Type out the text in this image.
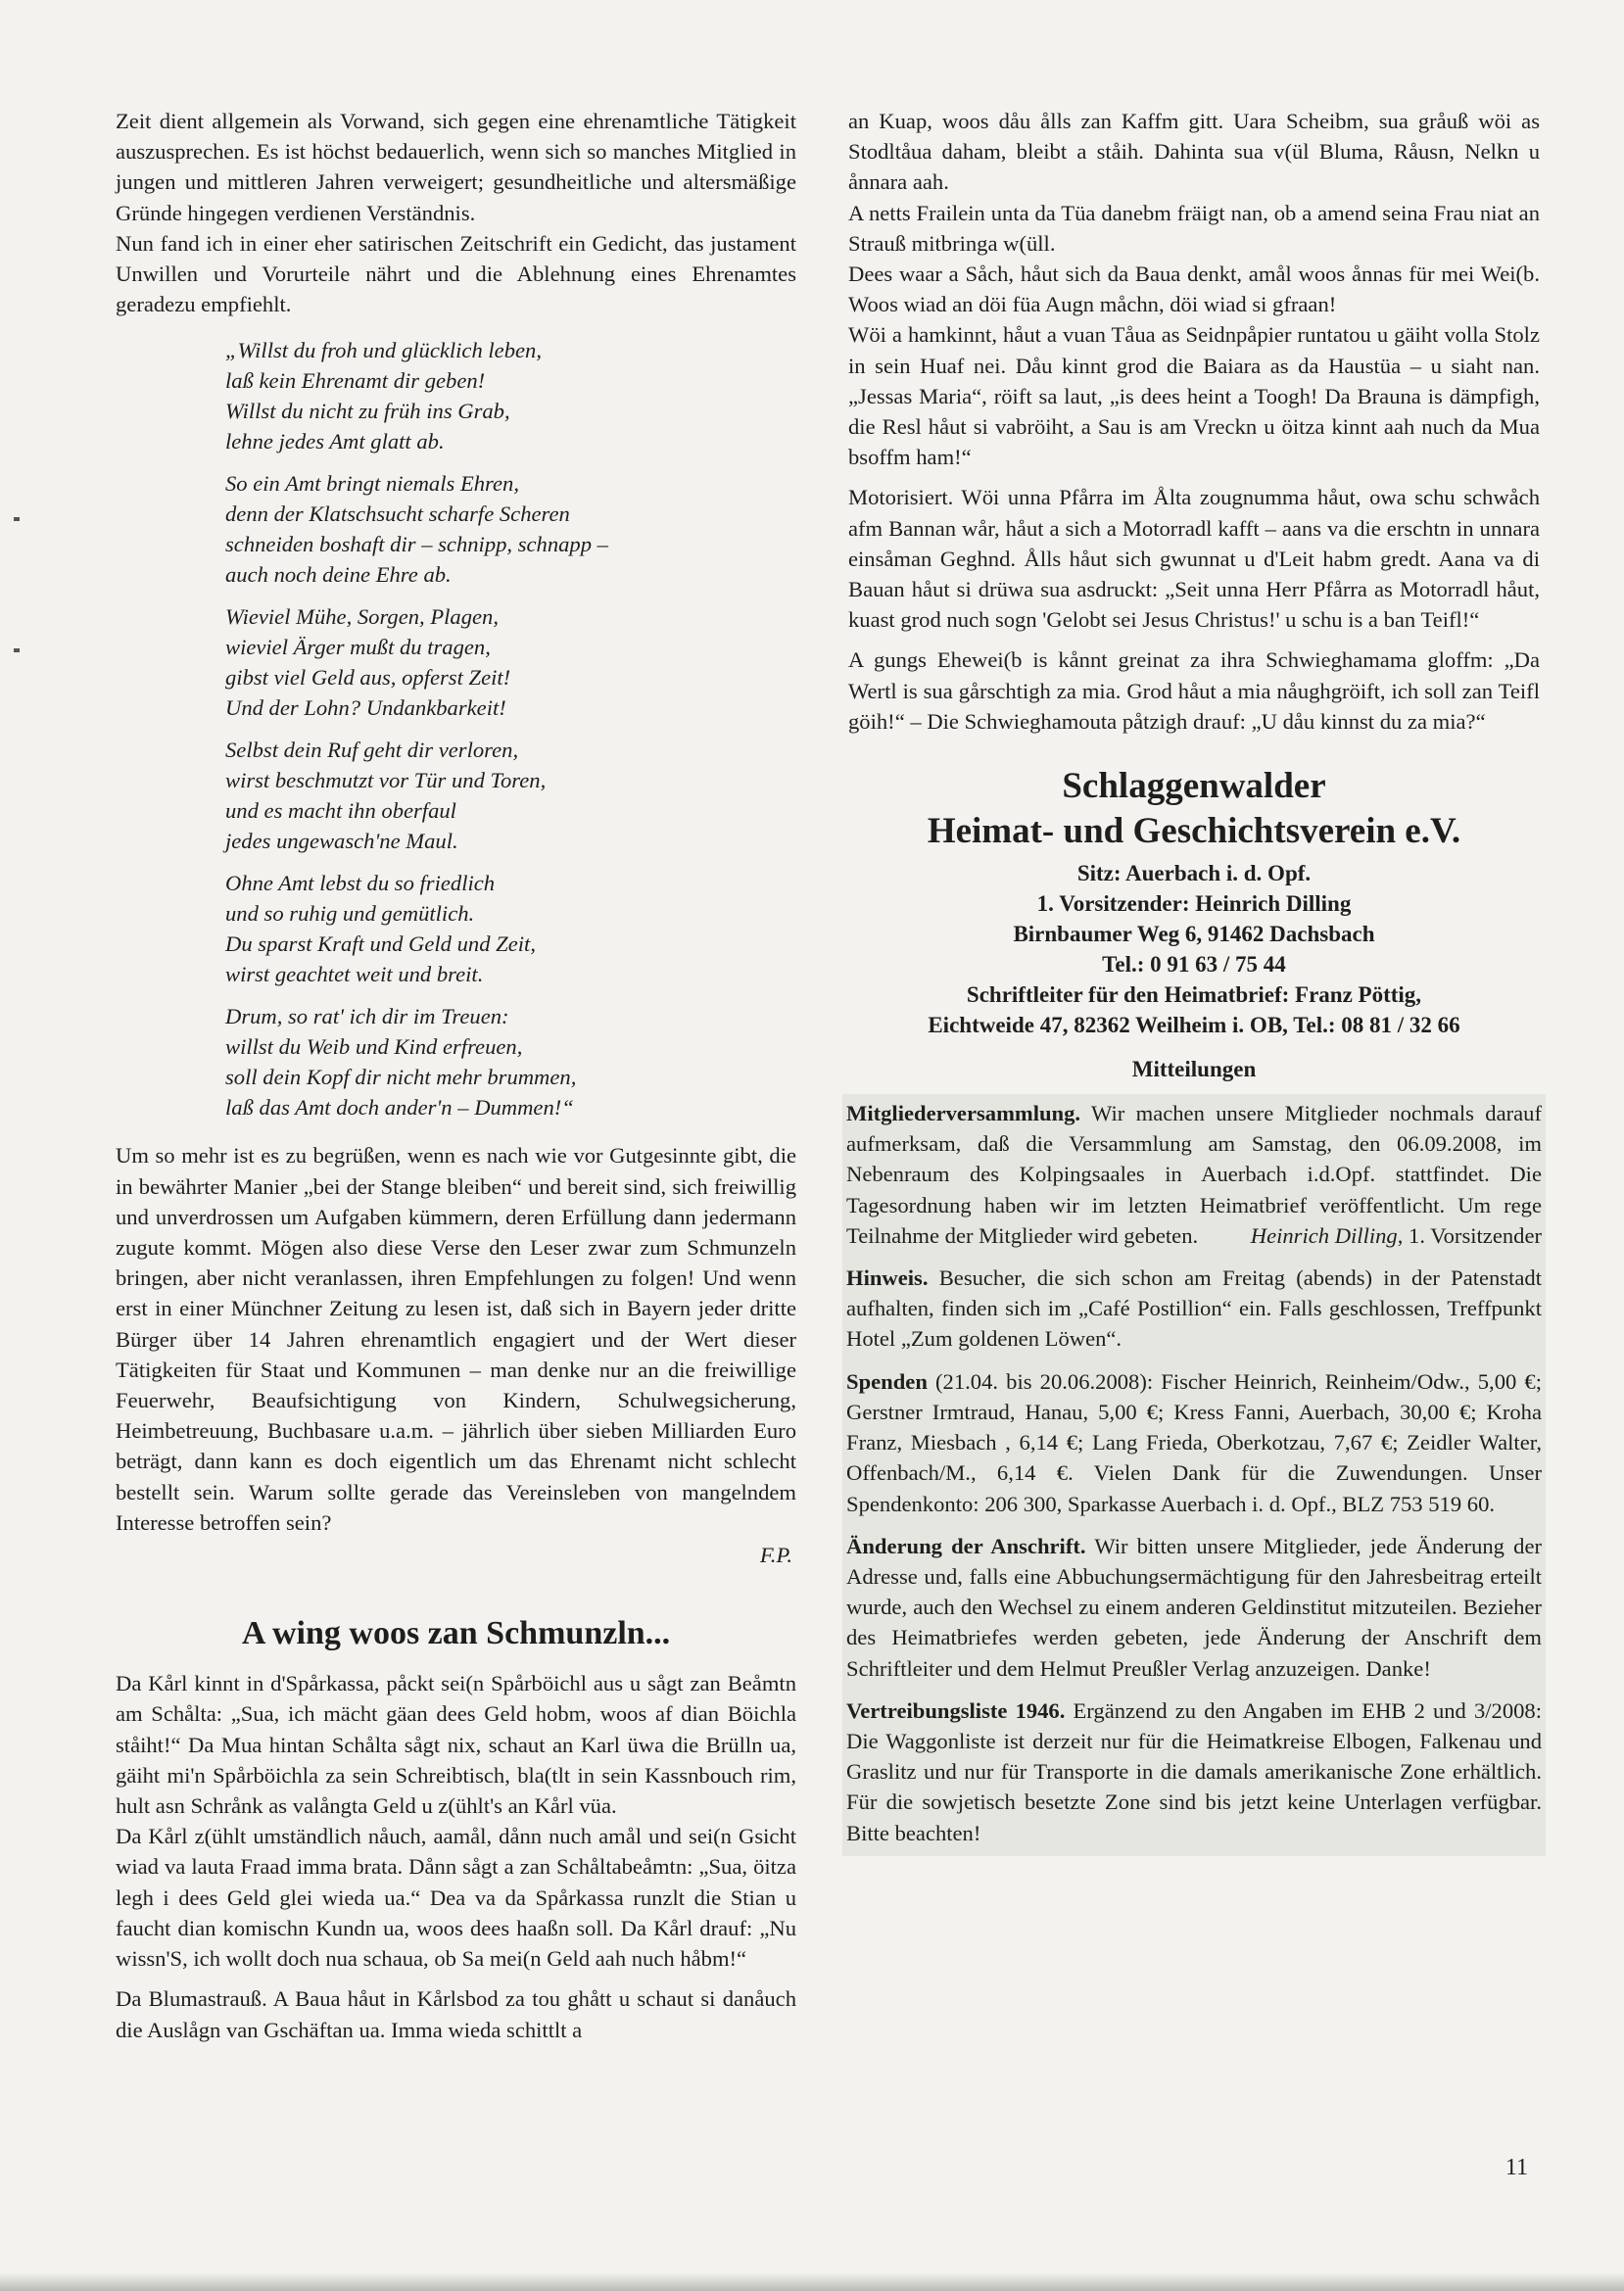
Zeit dient allgemein als Vorwand, sich gegen eine ehrenamtliche Tätigkeit auszusprechen. Es ist höchst bedauerlich, wenn sich so manches Mitglied in jungen und mittleren Jahren verweigert; gesundheitliche und altersmäßige Gründe hingegen verdienen Verständnis.

Nun fand ich in einer eher satirischen Zeitschrift ein Gedicht, das justament Unwillen und Vorurteile nährt und die Ablehnung eines Ehrenamtes geradezu empfiehlt.

„Willst du froh und glücklich leben,
laß kein Ehrenamt dir geben!
Willst du nicht zu früh ins Grab,
lehne jedes Amt glatt ab.
So ein Amt bringt niemals Ehren,
denn der Klatschsucht scharfe Scheren
schneiden boshaft dir – schnipp, schnapp –
auch noch deine Ehre ab.
Wieviel Mühe, Sorgen, Plagen,
wieviel Ärger mußt du tragen,
gibst viel Geld aus, opferst Zeit!
Und der Lohn? Undankbarkeit!
Selbst dein Ruf geht dir verloren,
wirst beschmutzt vor Tür und Toren,
und es macht ihn oberfaul
jedes ungewasch'ne Maul.
Ohne Amt lebst du so friedlich
und so ruhig und gemütlich.
Du sparst Kraft und Geld und Zeit,
wirst geachtet weit und breit.
Drum, so rat' ich dir im Treuen:
willst du Weib und Kind erfreuen,
soll dein Kopf dir nicht mehr brummen,
laß das Amt doch ander'n – Dummen!“

Um so mehr ist es zu begrüßen, wenn es nach wie vor Gutgesinnte gibt, die in bewährter Manier „bei der Stange bleiben“ und bereit sind, sich freiwillig und unverdrossen um Aufgaben kümmern, deren Erfüllung dann jedermann zugute kommt. Mögen also diese Verse den Leser zwar zum Schmunzeln bringen, aber nicht veranlassen, ihren Empfehlungen zu folgen! Und wenn erst in einer Münchner Zeitung zu lesen ist, daß sich in Bayern jeder dritte Bürger über 14 Jahren ehrenamtlich engagiert und der Wert dieser Tätigkeiten für Staat und Kommunen – man denke nur an die freiwillige Feuerwehr, Beaufsichtigung von Kindern, Schulwegsicherung, Heimbetreuung, Buchbasare u.a.m. – jährlich über sieben Milliarden Euro beträgt, dann kann es doch eigentlich um das Ehrenamt nicht schlecht bestellt sein. Warum sollte gerade das Vereinsleben von mangelndem Interesse betroffen sein?

F.P.
A wing woos zan Schmunzln...

Da Kårl kinnt in d'Spårkassa, påckt sei(n Spårböichl aus u sågt zan Beåmtn am Schålta: „Sua, ich mächt gäan dees Geld hobm, woos af dian Böichla ståiht!“ Da Mua hintan Schålta sågt nix, schaut an Karl üwa die Brülln ua, gäiht mi'n Spårböichla za sein Schreibtisch, bla(tlt in sein Kassnbouch rim, hult asn Schrånk as valångta Geld u z(ühlt's an Kårl vüa.

Da Kårl z(ühlt umständlich nåuch, aamål, dånn nuch amål und sei(n Gsicht wiad va lauta Fraad imma brata. Dånn sågt a zan Schåltabeåmtn: „Sua, öitza legh i dees Geld glei wieda ua.“ Dea va da Spårkassa runzlt die Stian u faucht dian komischn Kundn ua, woos dees haaßn soll. Da Kårl drauf: „Nu wissn'S, ich wollt doch nua schaua, ob Sa mei(n Geld aah nuch håbm!“

Da Blumastrauß. A Baua håut in Kårlsbod za tou ghått u schaut si danåuch die Auslågn van Gschäftan ua. Imma wieda schittlt a

an Kuap, woos dåu ålls zan Kaffm gitt. Uara Scheibm, sua gråuß wöi as Stodltåua daham, bleibt a ståih. Dahinta sua v(ül Bluma, Råusn, Nelkn u ånnara aah.

A netts Frailein unta da Tüa danebm fräigt nan, ob a amend seina Frau niat an Strauß mitbringa w(üll.

Dees waar a Såch, håut sich da Baua denkt, amål woos ånnas für mei Wei(b. Woos wiad an döi füa Augn måchn, döi wiad si gfraan!

Wöi a hamkinnt, håut a vuan Tåua as Seidnpåpier runtatou u gäiht volla Stolz in sein Huaf nei. Dåu kinnt grod die Baiara as da Haustüa – u siaht nan. „Jessas Maria“, röift sa laut, „is dees heint a Toogh! Da Brauna is dämpfigh, die Resl håut si vabröiht, a Sau is am Vreckn u öitza kinnt aah nuch da Mua bsoffm ham!“

Motorisiert. Wöi unna Pfårra im Ålta zougnumma håut, owa schu schwåch afm Bannan wår, håut a sich a Motorradl kafft – aans va die erschtn in unnara einsåman Geghnd. Ålls håut sich gwunnat u d'Leit habm gredt. Aana va di Bauan håut si drüwa sua asdruckt: „Seit unna Herr Pfårra as Motorradl håut, kuast grod nuch sogn 'Gelobt sei Jesus Christus!' u schu is a ban Teifl!“

A gungs Ehewei(b is kånnt greinat za ihra Schwieghamama gloffm: „Da Wertl is sua gårschtigh za mia. Grod håut a mia nåughgröift, ich soll zan Teifl göih!“ – Die Schwieghamouta påtzigh drauf: „U dåu kinnst du za mia?“

Schlaggenwalder
Heimat- und Geschichtsverein e.V.
Sitz: Auerbach i. d. Opf.
1. Vorsitzender: Heinrich Dilling
Birnbaumer Weg 6, 91462 Dachsbach
Tel.: 0 91 63 / 75 44
Schriftleiter für den Heimatbrief: Franz Pöttig,
Eichtweide 47, 82362 Weilheim i. OB, Tel.: 08 81 / 32 66
Mitteilungen

Mitgliederversammlung. Wir machen unsere Mitglieder nochmals darauf aufmerksam, daß die Versammlung am Samstag, den 06.09.2008, im Nebenraum des Kolpingsaales in Auerbach i.d.Opf. stattfindet. Die Tagesordnung haben wir im letzten Heimatbrief veröffentlicht. Um rege Teilnahme der Mitglieder wird gebeten. Heinrich Dilling, 1. Vorsitzender

Hinweis. Besucher, die sich schon am Freitag (abends) in der Patenstadt aufhalten, finden sich im „Café Postillion“ ein. Falls geschlossen, Treffpunkt Hotel „Zum goldenen Löwen“.

Spenden (21.04. bis 20.06.2008): Fischer Heinrich, Reinheim/Odw., 5,00 €; Gerstner Irmtraud, Hanau, 5,00 €; Kress Fanni, Auerbach, 30,00 €; Kroha Franz, Miesbach , 6,14 €; Lang Frieda, Oberkotzau, 7,67 €; Zeidler Walter, Offenbach/M., 6,14 €. Vielen Dank für die Zuwendungen. Unser Spendenkonto: 206 300, Sparkasse Auerbach i. d. Opf., BLZ 753 519 60.

Änderung der Anschrift. Wir bitten unsere Mitglieder, jede Änderung der Adresse und, falls eine Abbuchungsermächtigung für den Jahresbeitrag erteilt wurde, auch den Wechsel zu einem anderen Geldinstitut mitzuteilen. Bezieher des Heimatbriefes werden gebeten, jede Änderung der Anschrift dem Schriftleiter und dem Helmut Preußler Verlag anzuzeigen. Danke!

Vertreibungsliste 1946. Ergänzend zu den Angaben im EHB 2 und 3/2008: Die Waggonliste ist derzeit nur für die Heimatkreise Elbogen, Falkenau und Graslitz und nur für Transporte in die damals amerikanische Zone erhältlich. Für die sowjetisch besetzte Zone sind bis jetzt keine Unterlagen verfügbar. Bitte beachten!

11
